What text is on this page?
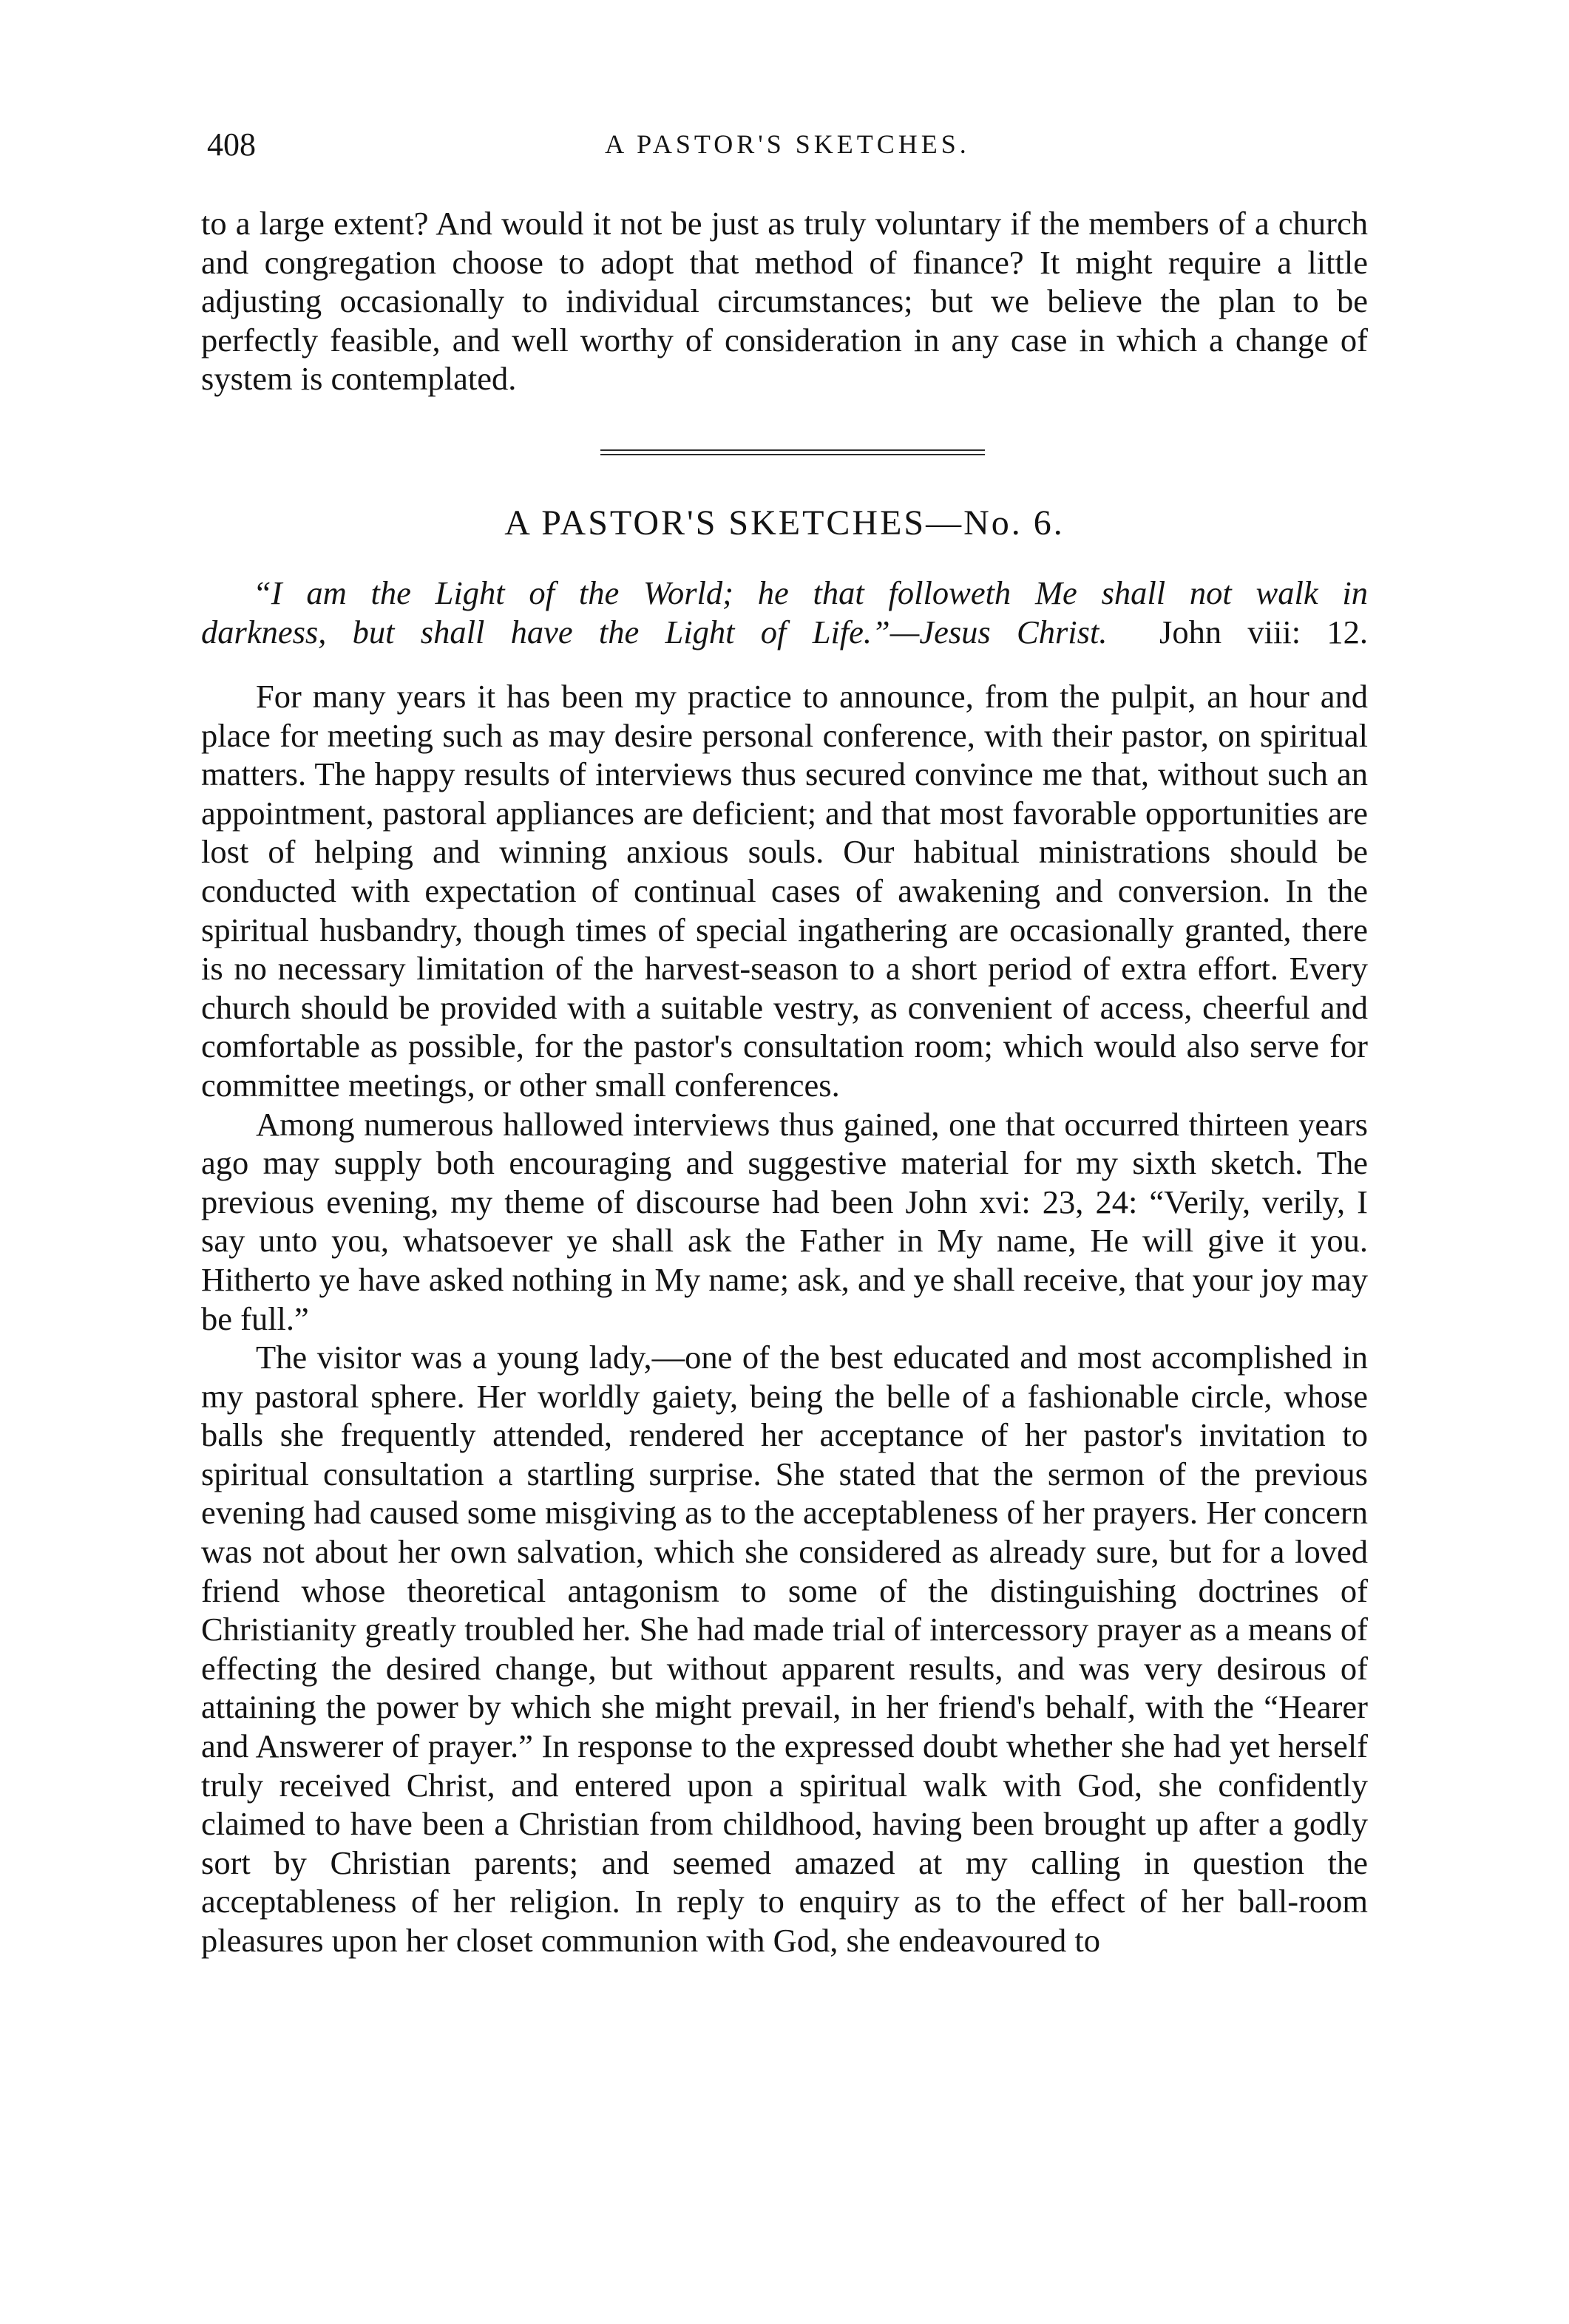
408	A PASTOR'S SKETCHES.

to a large extent? And would it not be just as truly voluntary if the members of a church and congregation choose to adopt that method of finance? It might require a little adjusting occasionally to individual circumstances; but we believe the plan to be perfectly feasible, and well worthy of consideration in any case in which a change of system is contemplated.

A PASTOR'S SKETCHES—No. 6.
“I am the Light of the World; he that followeth Me shall not walk in
darkness, but shall have the Light of Life.”—Jesus Christ. John viii: 12.

For many years it has been my practice to announce, from the pulpit, an hour and place for meeting such as may desire personal conference, with their pastor, on spiritual matters. The happy results of interviews thus secured convince me that, without such an appointment, pastoral appliances are deficient; and that most favorable opportunities are lost of helping and winning anxious souls. Our habitual ministrations should be conducted with expectation of continual cases of awakening and conversion. In the spiritual husbandry, though times of special ingathering are occasionally granted, there is no necessary limitation of the harvest-season to a short period of extra effort. Every church should be provided with a suitable vestry, as convenient of access, cheerful and comfortable as possible, for the pastor's consultation room; which would also serve for committee meetings, or other small conferences.

Among numerous hallowed interviews thus gained, one that occurred thirteen years ago may supply both encouraging and suggestive material for my sixth sketch. The previous evening, my theme of discourse had been John xvi: 23, 24: “Verily, verily, I say unto you, whatsoever ye shall ask the Father in My name, He will give it you. Hitherto ye have asked nothing in My name; ask, and ye shall receive, that your joy may be full.”

The visitor was a young lady,—one of the best educated and most accomplished in my pastoral sphere. Her worldly gaiety, being the belle of a fashionable circle, whose balls she frequently attended, rendered her acceptance of her pastor's invitation to spiritual consultation a startling surprise. She stated that the sermon of the previous evening had caused some misgiving as to the acceptableness of her prayers. Her concern was not about her own salvation, which she considered as already sure, but for a loved friend whose theoretical antagonism to some of the distinguishing doctrines of Christianity greatly troubled her. She had made trial of intercessory prayer as a means of effecting the desired change, but without apparent results, and was very desirous of attaining the power by which she might prevail, in her friend's behalf, with the “Hearer and Answerer of prayer.” In response to the expressed doubt whether she had yet herself truly received Christ, and entered upon a spiritual walk with God, she confidently claimed to have been a Christian from childhood, having been brought up after a godly sort by Christian parents; and seemed amazed at my calling in question the acceptableness of her religion. In reply to enquiry as to the effect of her ball-room pleasures upon her closet communion with God, she endeavoured to
